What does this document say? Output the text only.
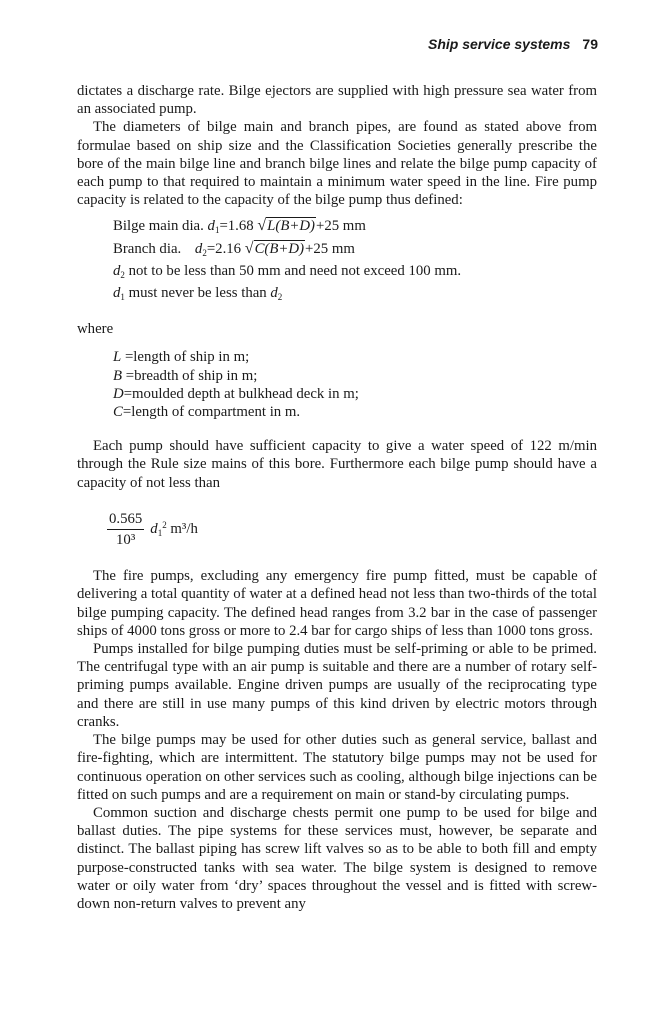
Ship service systems 79

dictates a discharge rate. Bilge ejectors are supplied with high pressure sea water from an associated pump.

The diameters of bilge main and branch pipes, are found as stated above from formulae based on ship size and the Classification Societies generally prescribe the bore of the main bilge line and branch bilge lines and relate the bilge pump capacity of each pump to that required to maintain a minimum water speed in the line. Fire pump capacity is related to the capacity of the bilge pump thus defined:

Bilge main dia. $d_1=1.68$ √L(B+D)+25 mm
Branch dia. $d_2=2.16$ √C(B+D)+25 mm
$d_2$ not to be less than 50 mm and need not exceed 100 mm.
$d_1$ must never be less than $d_2$

where

L =length of ship in m;
B =breadth of ship in m;
D=moulded depth at bulkhead deck in m;
C=length of compartment in m.

Each pump should have sufficient capacity to give a water speed of 122 m/min through the Rule size mains of this bore. Furthermore each bilge pump should have a capacity of not less than

$\frac{0.565}{\text{10³}} d_1^2$ m³/h

The fire pumps, excluding any emergency fire pump fitted, must be capable of delivering a total quantity of water at a defined head not less than two-thirds of the total bilge pumping capacity. The defined head ranges from 3.2 bar in the case of passenger ships of 4000 tons gross or more to 2.4 bar for cargo ships of less than 1000 tons gross.

Pumps installed for bilge pumping duties must be self-priming or able to be primed. The centrifugal type with an air pump is suitable and there are a number of rotary self-priming pumps available. Engine driven pumps are usually of the reciprocating type and there are still in use many pumps of this kind driven by electric motors through cranks.

The bilge pumps may be used for other duties such as general service, ballast and fire-fighting, which are intermittent. The statutory bilge pumps may not be used for continuous operation on other services such as cooling, although bilge injections can be fitted on such pumps and are a requirement on main or stand-by circulating pumps.

Common suction and discharge chests permit one pump to be used for bilge and ballast duties. The pipe systems for these services must, however, be separate and distinct. The ballast piping has screw lift valves so as to be able to both fill and empty purpose-constructed tanks with sea water. The bilge system is designed to remove water or oily water from ‘dry’ spaces throughout the vessel and is fitted with screw-down non-return valves to prevent any
